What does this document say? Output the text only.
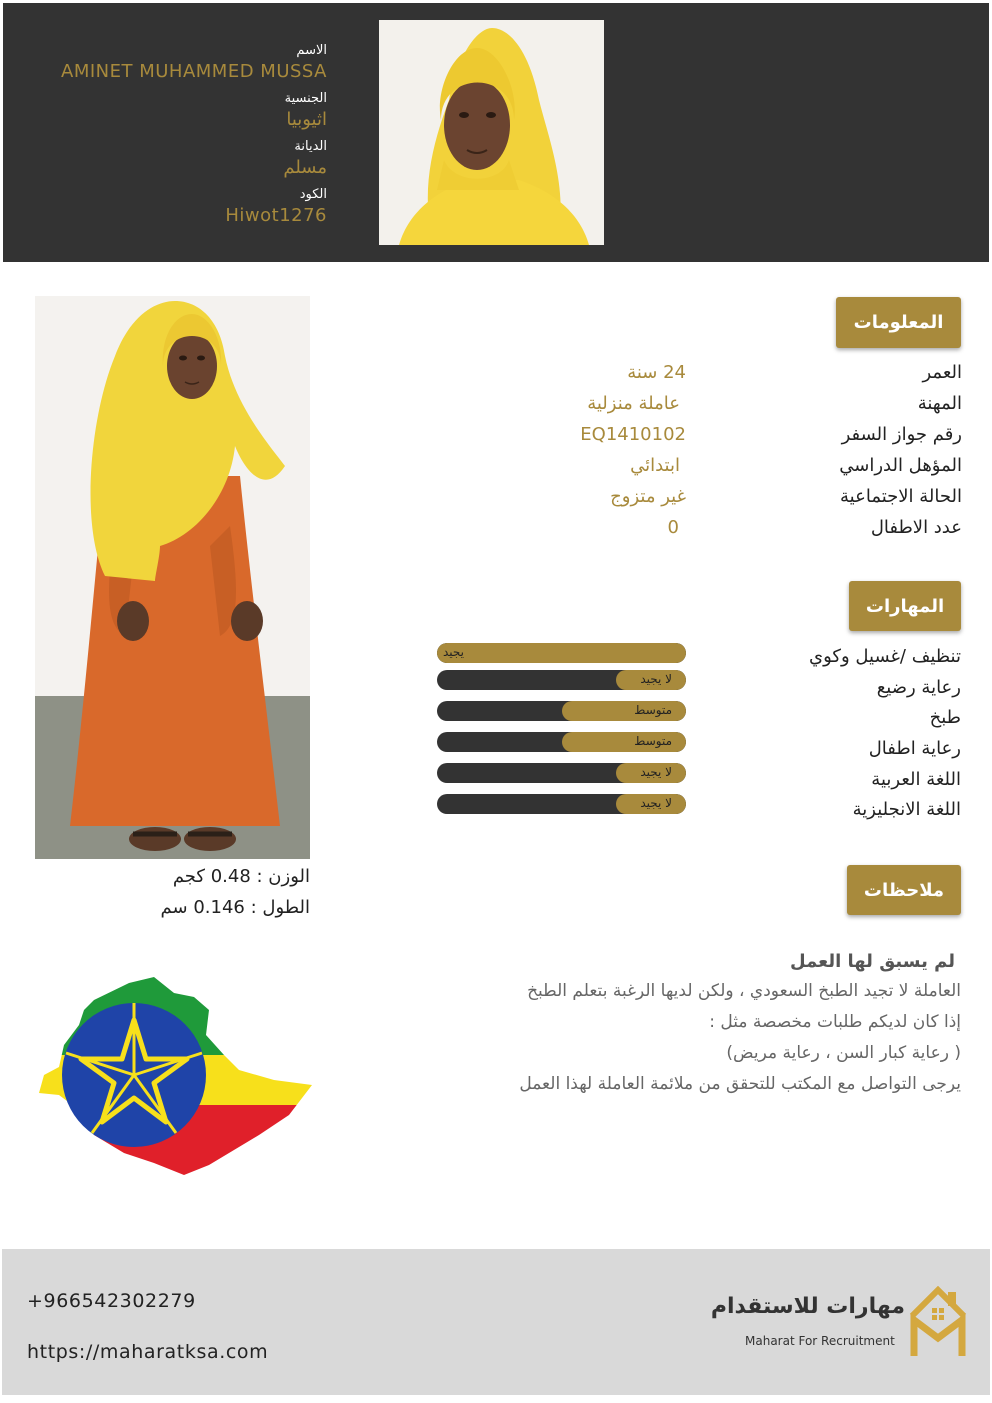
الاسم
AMINET MUHAMMED MUSSA
الجنسية
اثيوبيا
الديانة
مسلم
الكود
Hiwot1276
المعلومات
العمر
24 سنة
المهنة
عاملة منزلية
رقم جواز السفر
EQ1410102
المؤهل الدراسي
ابتدائي
الحالة الاجتماعية
غير متزوج
عدد الاطفال
0
المهارات
تنظيف /غسيل وكوي
يجيد
رعاية رضيع
لا يجيد
طبخ
متوسط
رعاية اطفال
متوسط
اللغة العربية
لا يجيد
اللغة الانجليزية
لا يجيد
ملاحظات
لم يسبق لها العمل
العاملة لا تجيد الطبخ السعودي ، ولكن لديها الرغبة بتعلم الطبخ
إذا كان لديكم طلبات مخصصة مثل :
( رعاية كبار السن ، رعاية مريض)
يرجى التواصل مع المكتب للتحقق من ملائمة العاملة لهذا العمل
الوزن : 0.48 كجم
الطول : 0.146 سم
+966542302279
https://maharatksa.com
مهارات للاستقدام
Maharat For Recruitment
